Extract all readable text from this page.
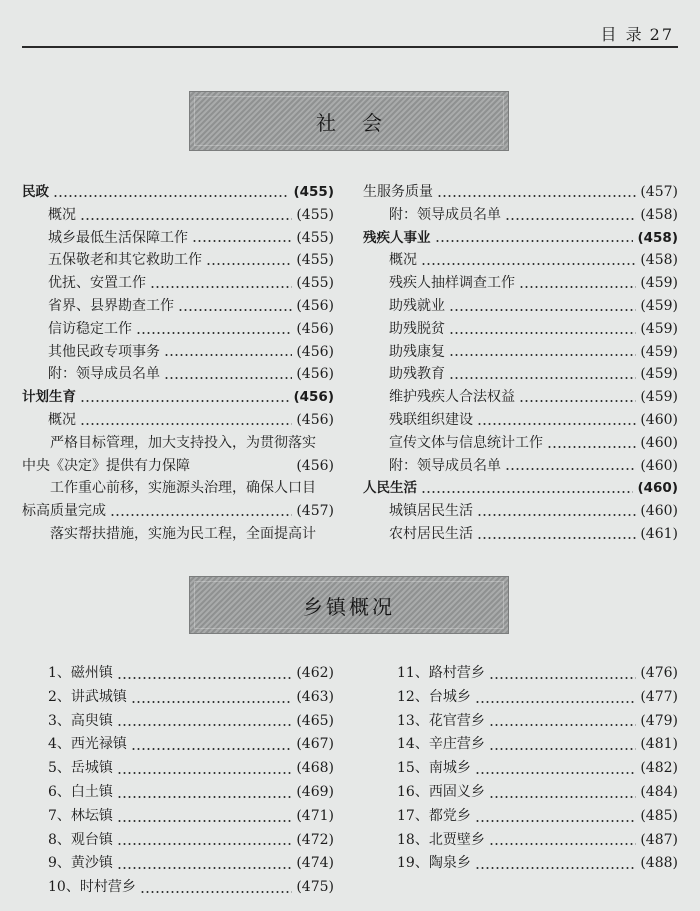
目 录 27
社会
民政	(455)
概况	(455)
城乡最低生活保障工作	(455)
五保敬老和其它救助工作	(455)
优抚、安置工作	(455)
省界、县界勘查工作	(456)
信访稳定工作	(456)
其他民政专项事务	(456)
附：领导成员名单	(456)
计划生育	(456)
概况	(456)
严格目标管理，加大支持投入，为贯彻落实
中央《决定》提供有力保障	(456)
工作重心前移，实施源头治理，确保人口目
标高质量完成	(457)
落实帮扶措施，实施为民工程，全面提高计
生服务质量	(457)
附：领导成员名单	(458)
残疾人事业	(458)
概况	(458)
残疾人抽样调查工作	(459)
助残就业	(459)
助残脱贫	(459)
助残康复	(459)
助残教育	(459)
维护残疾人合法权益	(459)
残联组织建设	(460)
宣传文体与信息统计工作	(460)
附：领导成员名单	(460)
人民生活	(460)
城镇居民生活	(460)
农村居民生活	(461)
乡镇概况
1、磁州镇	(462)
2、讲武城镇	(463)
3、高臾镇	(465)
4、西光禄镇	(467)
5、岳城镇	(468)
6、白土镇	(469)
7、林坛镇	(471)
8、观台镇	(472)
9、黄沙镇	(474)
10、时村营乡	(475)
11、路村营乡	(476)
12、台城乡	(477)
13、花官营乡	(479)
14、辛庄营乡	(481)
15、南城乡	(482)
16、西固义乡	(484)
17、都党乡	(485)
18、北贾壁乡	(487)
19、陶泉乡	(488)
